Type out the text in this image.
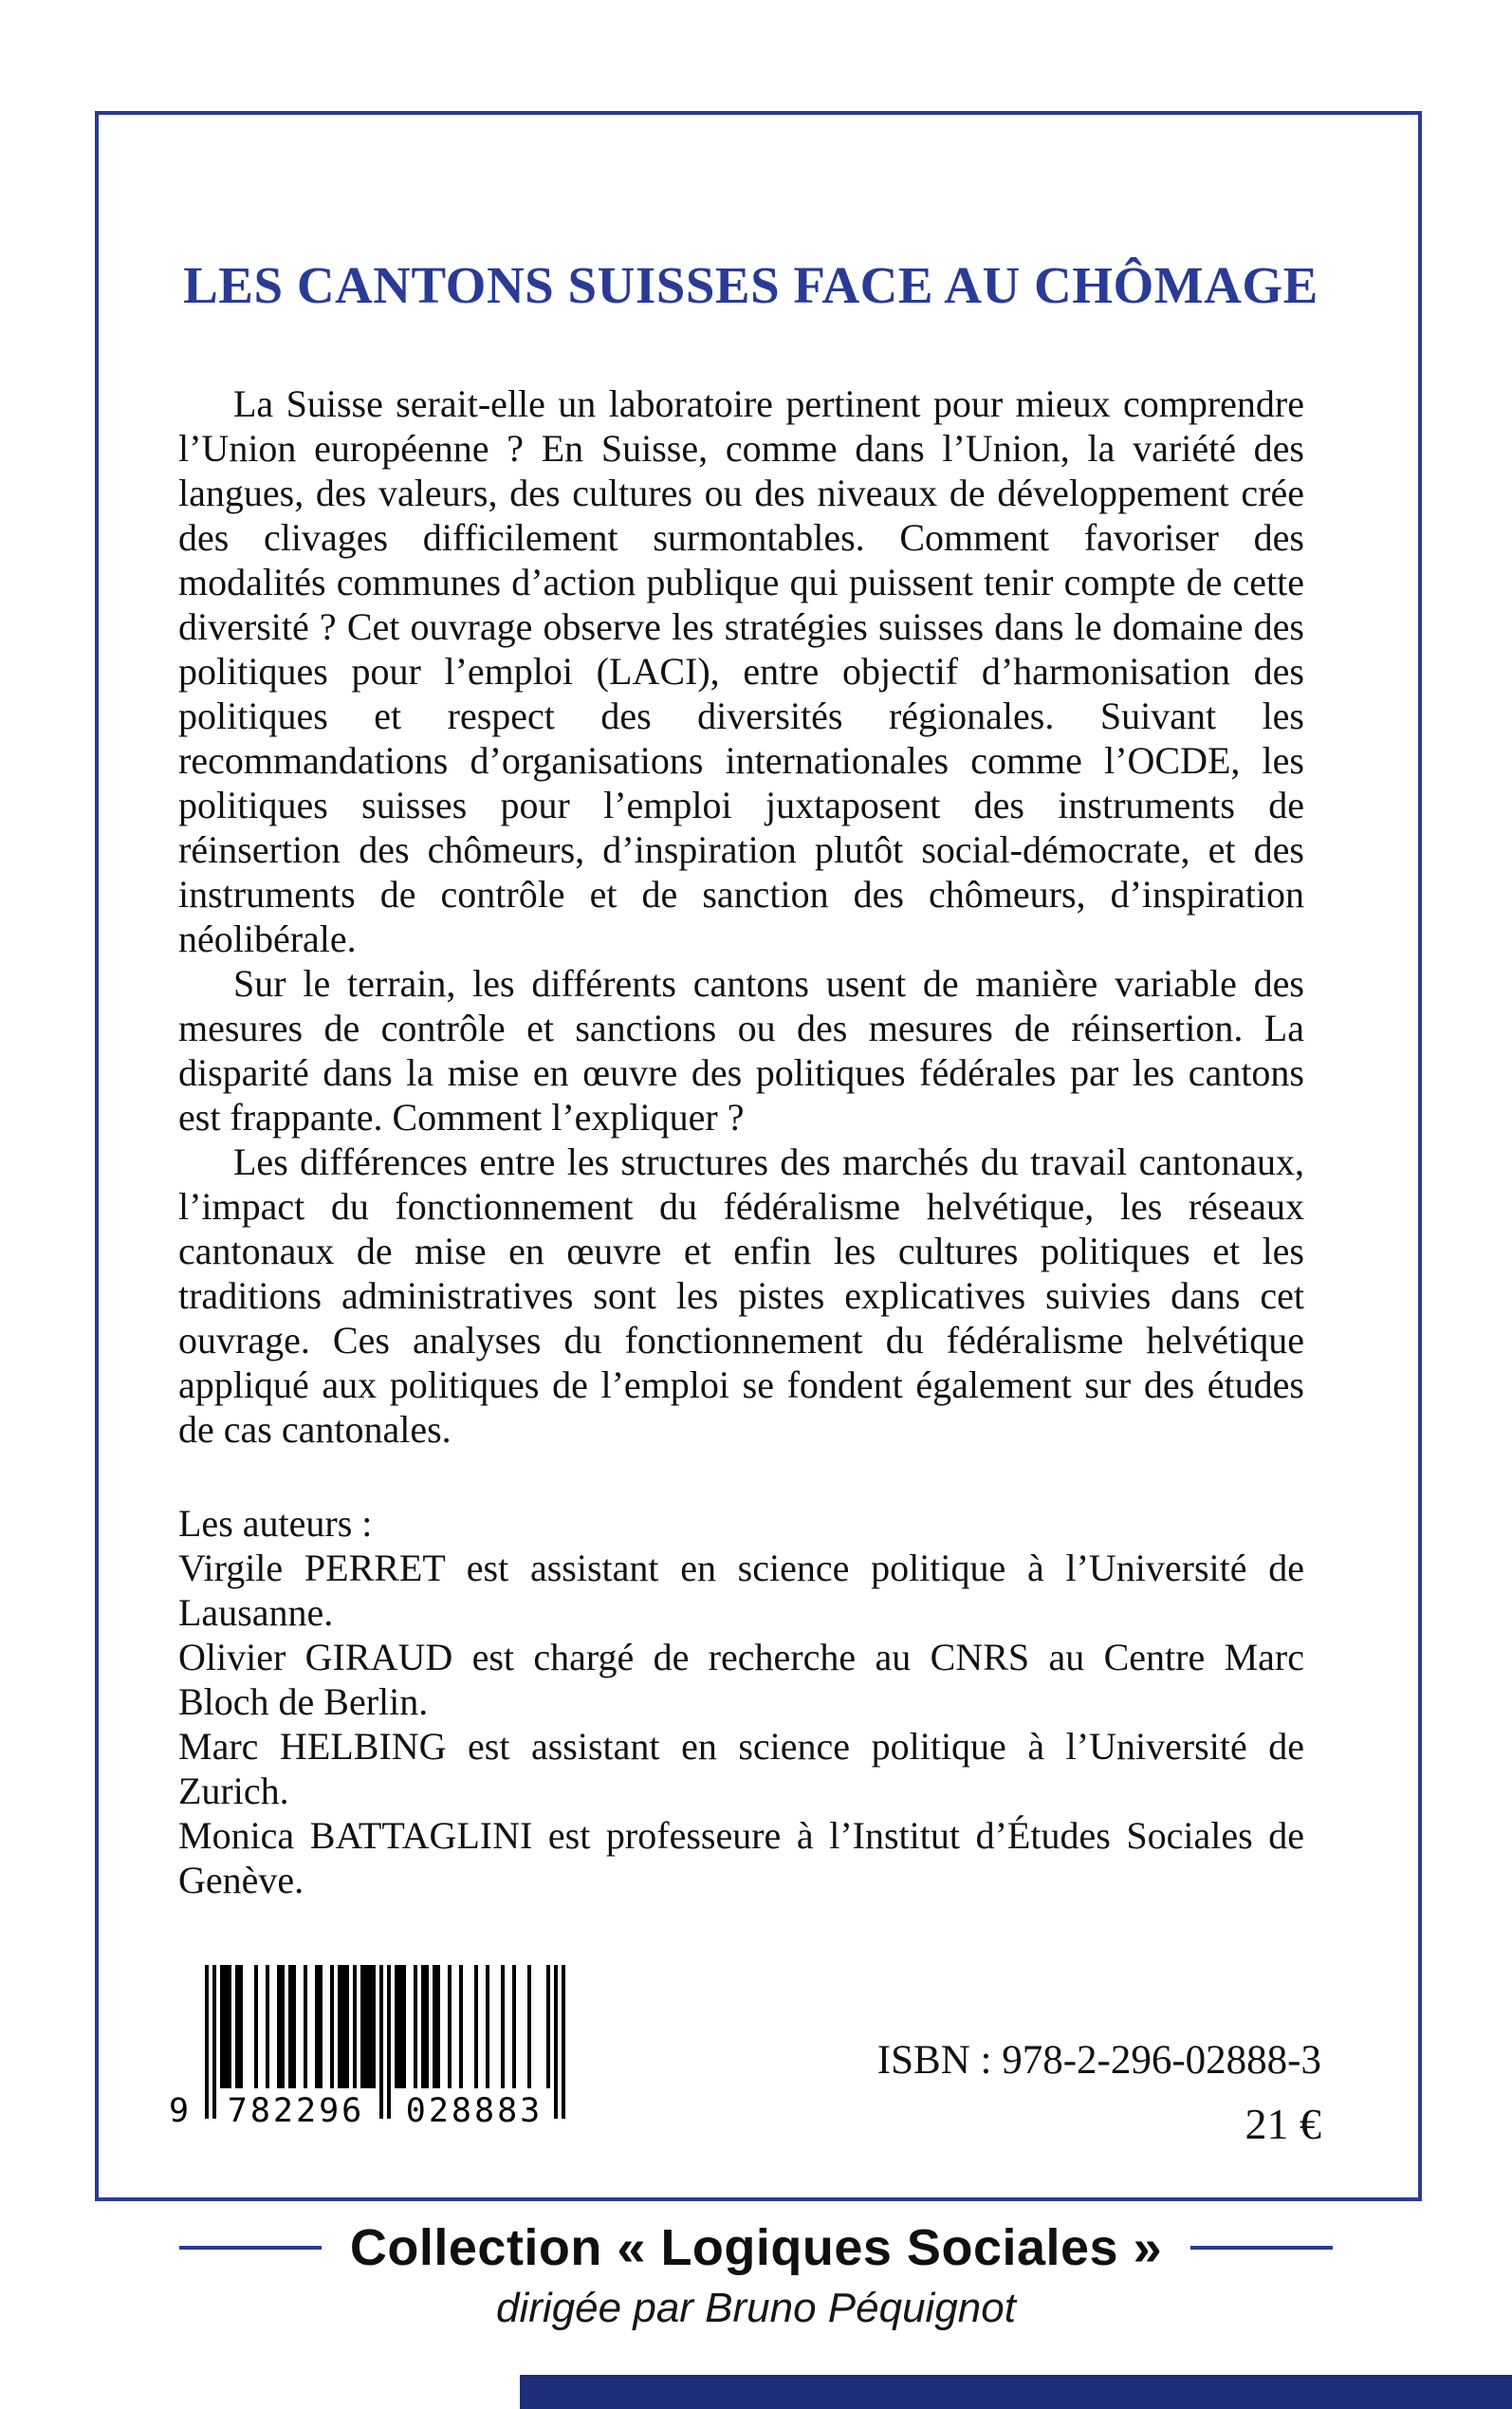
LES CANTONS SUISSES FACE AU CHÔMAGE

La Suisse serait-elle un laboratoire pertinent pour mieux comprendre l’Union européenne ? En Suisse, comme dans l’Union, la variété des langues, des valeurs, des cultures ou des niveaux de développement crée des clivages difficilement surmontables. Comment favoriser des modalités communes d’action publique qui puissent tenir compte de cette diversité ? Cet ouvrage observe les stratégies suisses dans le domaine des politiques pour l’emploi (LACI), entre objectif d’harmonisation des politiques et respect des diversités régionales. Suivant les recommandations d’organisations internationales comme l’OCDE, les politiques suisses pour l’emploi juxtaposent des instruments de réinsertion des chômeurs, d’inspiration plutôt social-démocrate, et des instruments de contrôle et de sanction des chômeurs, d’inspiration néolibérale.

Sur le terrain, les différents cantons usent de manière variable des mesures de contrôle et sanctions ou des mesures de réinsertion. La disparité dans la mise en œuvre des politiques fédérales par les cantons est frappante. Comment l’expliquer ?

Les différences entre les structures des marchés du travail cantonaux, l’impact du fonctionnement du fédéralisme helvétique, les réseaux cantonaux de mise en œuvre et enfin les cultures politiques et les traditions administratives sont les pistes explicatives suivies dans cet ouvrage. Ces analyses du fonctionnement du fédéralisme helvétique appliqué aux politiques de l’emploi se fondent également sur des études de cas cantonales.

Les auteurs :

Virgile PERRET est assistant en science politique à l’Université de Lausanne.

Olivier GIRAUD est chargé de recherche au CNRS au Centre Marc Bloch de Berlin.

Marc HELBING est assistant en science politique à l’Université de Zurich.

Monica BATTAGLINI est professeure à l’Institut d’Études Sociales de Genève.

9 782296 028883
ISBN : 978-2-296-02888-3
21 €
Collection « Logiques Sociales »
dirigée par Bruno Péquignot
